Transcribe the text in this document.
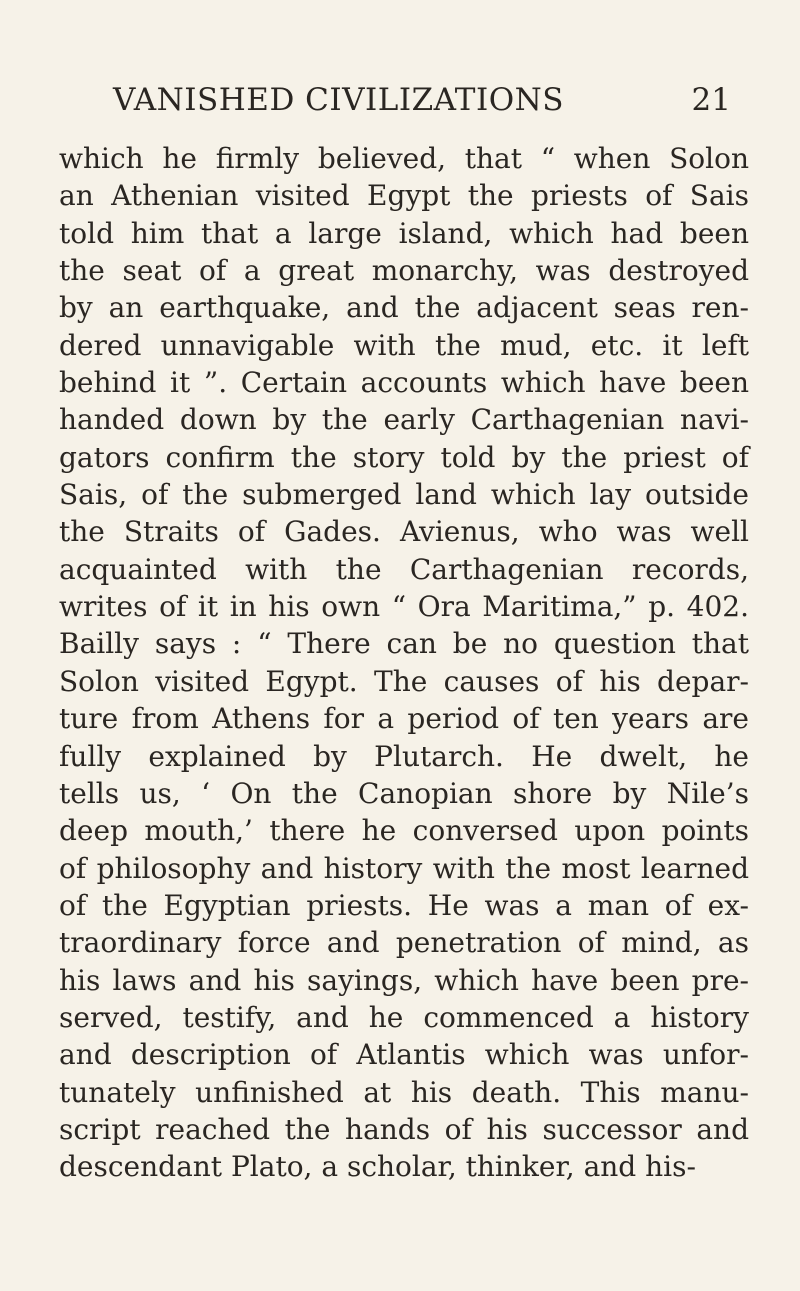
VANISHED CIVILIZATIONS	21
which he firmly believed, that “ when Solon
an Athenian visited Egypt the priests of Sais
told him that a large island, which had been
the seat of a great monarchy, was destroyed
by an earthquake, and the adjacent seas ren-
dered unnavigable with the mud, etc. it left
behind it ”. Certain accounts which have been
handed down by the early Carthagenian navi-
gators confirm the story told by the priest of
Sais, of the submerged land which lay outside
the Straits of Gades. Avienus, who was well
acquainted with the Carthagenian records,
writes of it in his own “ Ora Maritima,” p. 402.
Bailly says : “ There can be no question that
Solon visited Egypt. The causes of his depar-
ture from Athens for a period of ten years are
fully explained by Plutarch. He dwelt, he
tells us, ‘ On the Canopian shore by Nile’s
deep mouth,’ there he conversed upon points
of philosophy and history with the most learned
of the Egyptian priests. He was a man of ex-
traordinary force and penetration of mind, as
his laws and his sayings, which have been pre-
served, testify, and he commenced a history
and description of Atlantis which was unfor-
tunately unfinished at his death. This manu-
script reached the hands of his successor and
descendant Plato, a scholar, thinker, and his-
